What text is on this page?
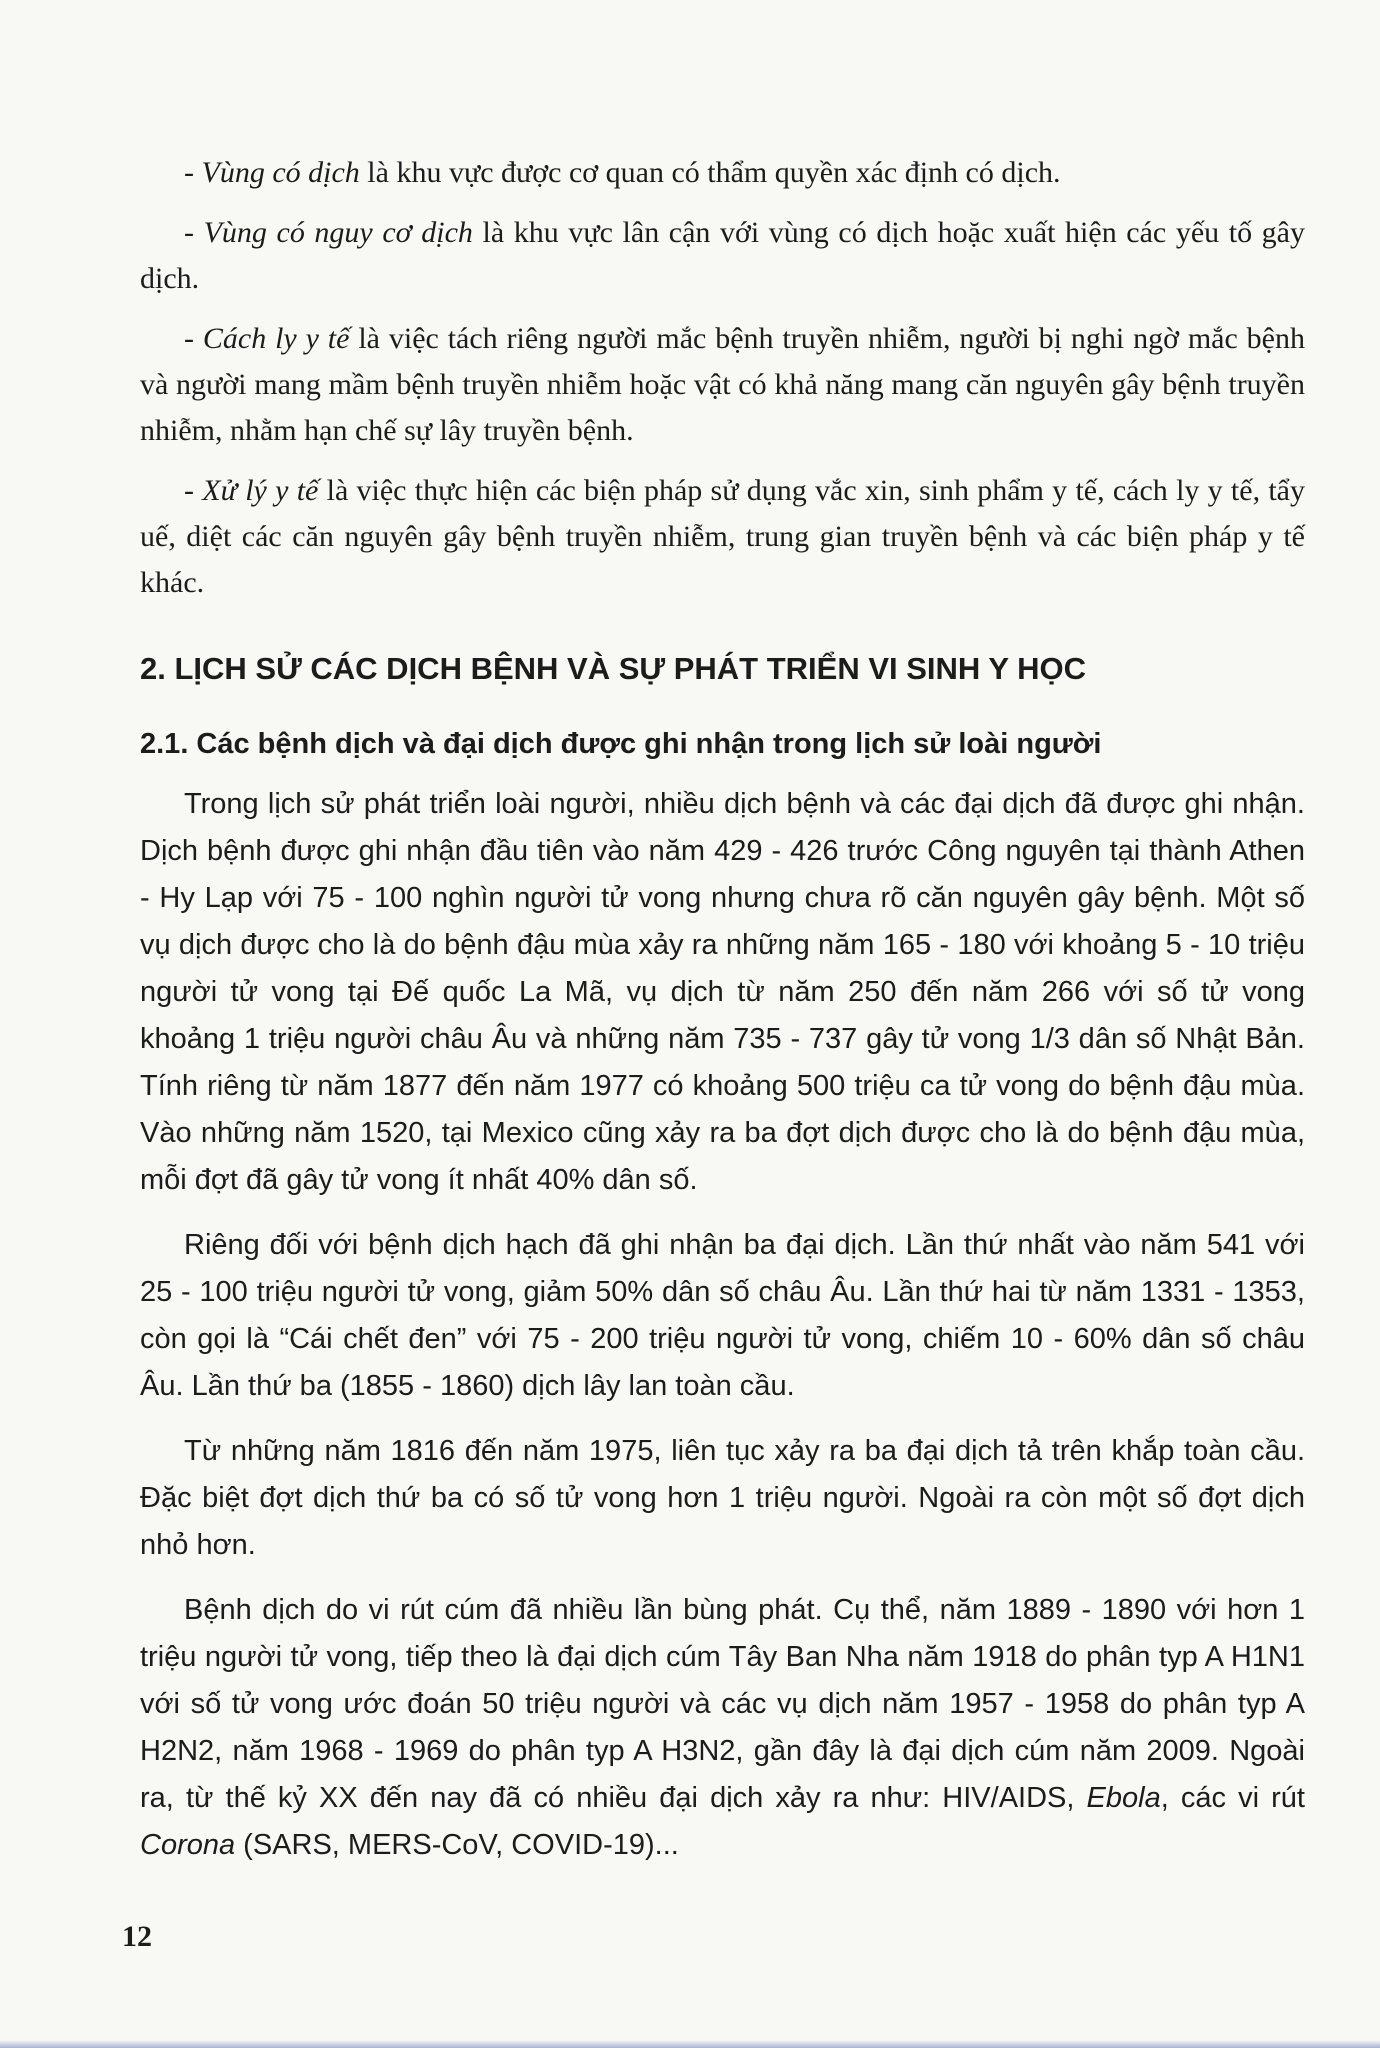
- Vùng có dịch là khu vực được cơ quan có thẩm quyền xác định có dịch.

- Vùng có nguy cơ dịch là khu vực lân cận với vùng có dịch hoặc xuất hiện các yếu tố gây dịch.

- Cách ly y tế là việc tách riêng người mắc bệnh truyền nhiễm, người bị nghi ngờ mắc bệnh và người mang mầm bệnh truyền nhiễm hoặc vật có khả năng mang căn nguyên gây bệnh truyền nhiễm, nhằm hạn chế sự lây truyền bệnh.

- Xử lý y tế là việc thực hiện các biện pháp sử dụng vắc xin, sinh phẩm y tế, cách ly y tế, tẩy uế, diệt các căn nguyên gây bệnh truyền nhiễm, trung gian truyền bệnh và các biện pháp y tế khác.

2. LỊCH SỬ CÁC DỊCH BỆNH VÀ SỰ PHÁT TRIỂN VI SINH Y HỌC
2.1. Các bệnh dịch và đại dịch được ghi nhận trong lịch sử loài người

Trong lịch sử phát triển loài người, nhiều dịch bệnh và các đại dịch đã được ghi nhận. Dịch bệnh được ghi nhận đầu tiên vào năm 429 - 426 trước Công nguyên tại thành Athen - Hy Lạp với 75 - 100 nghìn người tử vong nhưng chưa rõ căn nguyên gây bệnh. Một số vụ dịch được cho là do bệnh đậu mùa xảy ra những năm 165 - 180 với khoảng 5 - 10 triệu người tử vong tại Đế quốc La Mã, vụ dịch từ năm 250 đến năm 266 với số tử vong khoảng 1 triệu người châu Âu và những năm 735 - 737 gây tử vong 1/3 dân số Nhật Bản. Tính riêng từ năm 1877 đến năm 1977 có khoảng 500 triệu ca tử vong do bệnh đậu mùa. Vào những năm 1520, tại Mexico cũng xảy ra ba đợt dịch được cho là do bệnh đậu mùa, mỗi đợt đã gây tử vong ít nhất 40% dân số.

Riêng đối với bệnh dịch hạch đã ghi nhận ba đại dịch. Lần thứ nhất vào năm 541 với 25 - 100 triệu người tử vong, giảm 50% dân số châu Âu. Lần thứ hai từ năm 1331 - 1353, còn gọi là “Cái chết đen” với 75 - 200 triệu người tử vong, chiếm 10 - 60% dân số châu Âu. Lần thứ ba (1855 - 1860) dịch lây lan toàn cầu.

Từ những năm 1816 đến năm 1975, liên tục xảy ra ba đại dịch tả trên khắp toàn cầu. Đặc biệt đợt dịch thứ ba có số tử vong hơn 1 triệu người. Ngoài ra còn một số đợt dịch nhỏ hơn.

Bệnh dịch do vi rút cúm đã nhiều lần bùng phát. Cụ thể, năm 1889 - 1890 với hơn 1 triệu người tử vong, tiếp theo là đại dịch cúm Tây Ban Nha năm 1918 do phân typ A H1N1 với số tử vong ước đoán 50 triệu người và các vụ dịch năm 1957 - 1958 do phân typ A H2N2, năm 1968 - 1969 do phân typ A H3N2, gần đây là đại dịch cúm năm 2009. Ngoài ra, từ thế kỷ XX đến nay đã có nhiều đại dịch xảy ra như: HIV/AIDS, Ebola, các vi rút Corona (SARS, MERS-CoV, COVID-19)...

12
